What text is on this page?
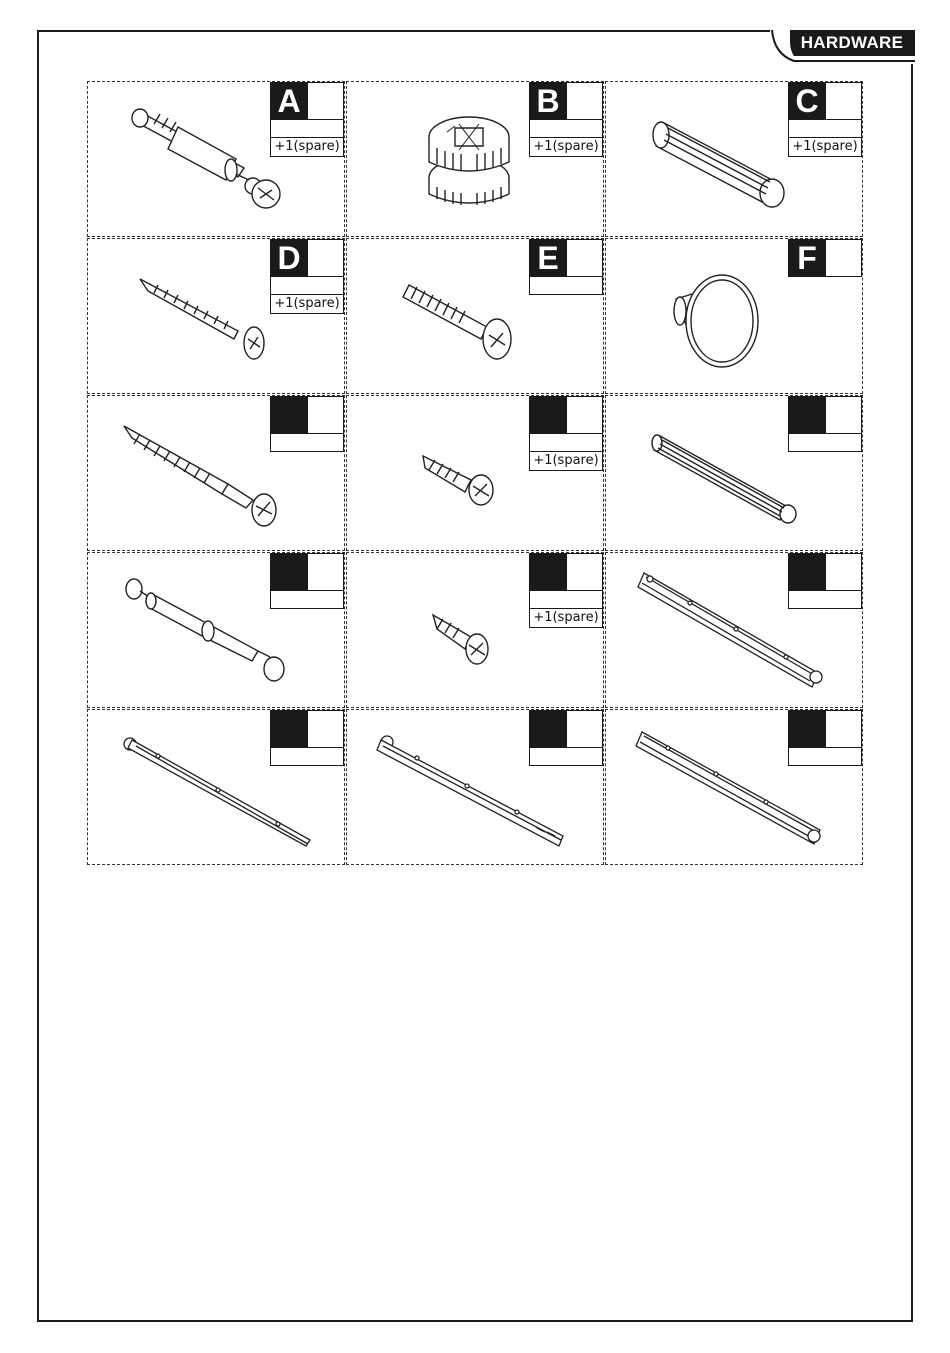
HARDWARE
A
+1(spare)
B
+1(spare)
C
+1(spare)
D
+1(spare)
E	F
+1(spare)
+1(spare)
